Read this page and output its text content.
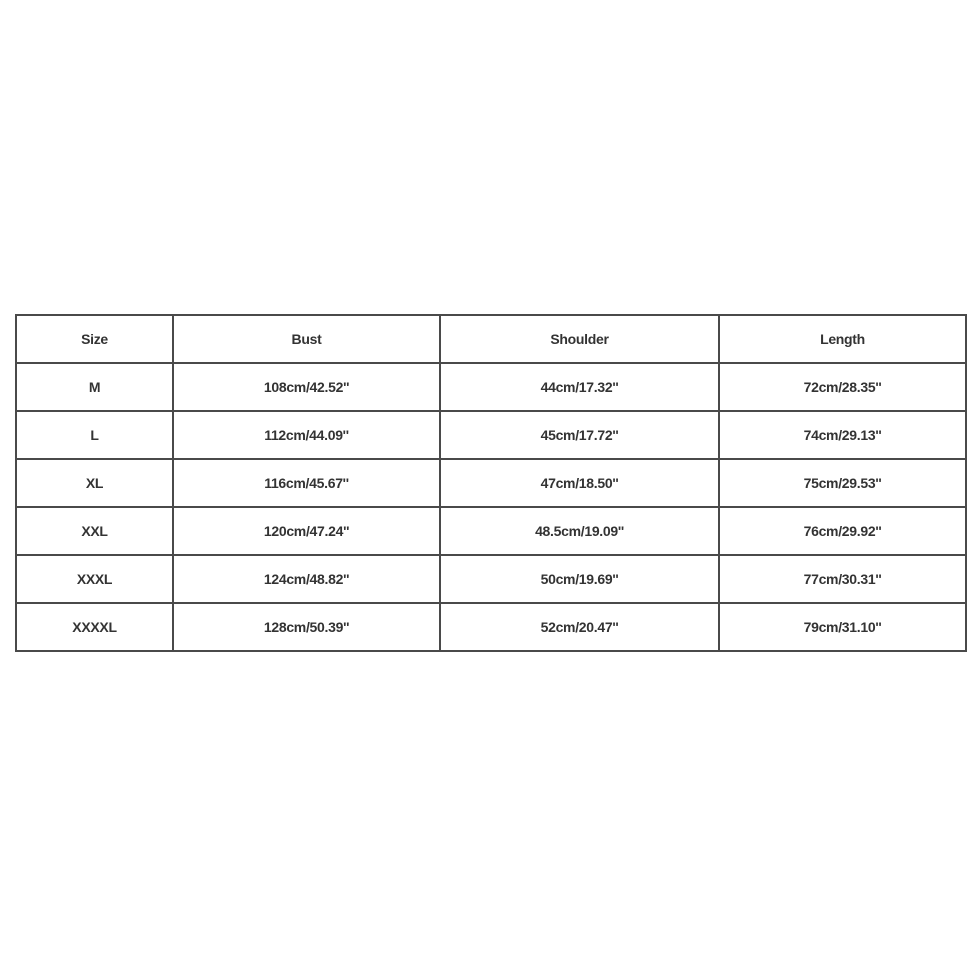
Size	Bust	Shoulder	Length
M	108cm/42.52''	44cm/17.32''	72cm/28.35''
L	112cm/44.09''	45cm/17.72''	74cm/29.13''
XL	116cm/45.67''	47cm/18.50''	75cm/29.53''
XXL	120cm/47.24''	48.5cm/19.09''	76cm/29.92''
XXXL	124cm/48.82''	50cm/19.69''	77cm/30.31''
XXXXL	128cm/50.39''	52cm/20.47''	79cm/31.10''
